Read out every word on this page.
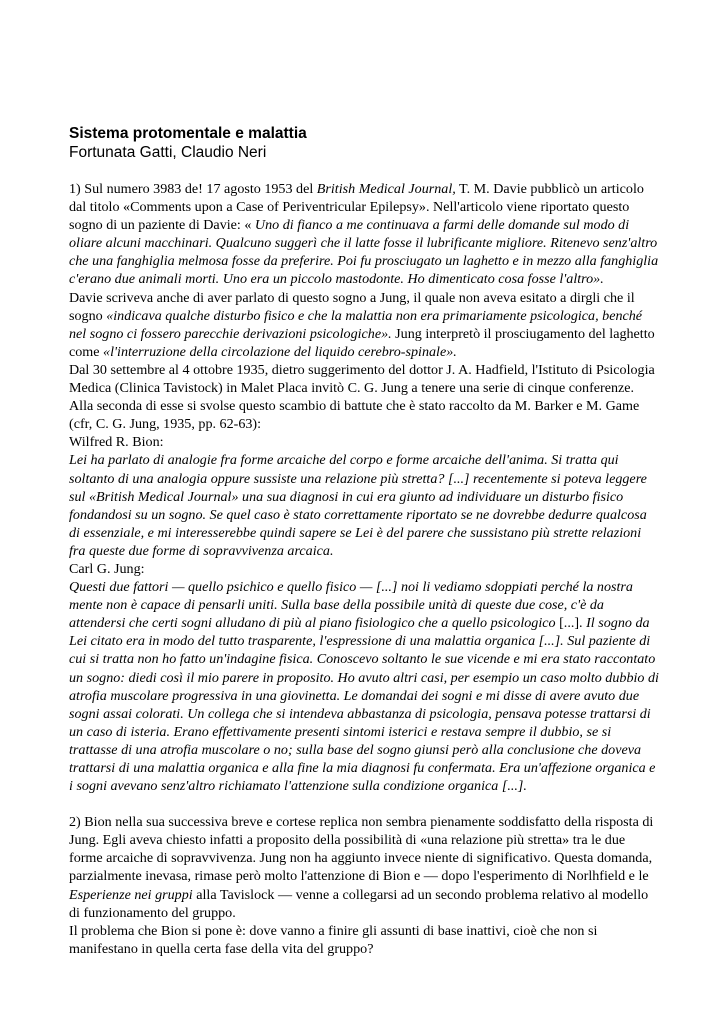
Sistema protomentale e malattia
Fortunata Gatti, Claudio Neri

1) Sul numero 3983 de! 17 agosto 1953 del British Medical Journal, T. M. Davie pubblicò un articolo dal titolo «Comments upon a Case of Periventricular Epilepsy». Nell'articolo viene riportato questo sogno di un paziente di Davie: « Uno di fianco a me continuava a farmi delle domande sul modo di oliare alcuni macchinari. Qualcuno suggerì che il latte fosse il lubrificante migliore. Ritenevo senz'altro che una fanghiglia melmosa fosse da preferire. Poi fu prosciugato un laghetto e in mezzo alla fanghiglia c'erano due animali morti. Uno era un piccolo mastodonte. Ho dimenticato cosa fosse l'altro».

Davie scriveva anche di aver parlato di questo sogno a Jung, il quale non aveva esitato a dirgli che il sogno «indicava qualche disturbo fisico e che la malattia non era primariamente psicologica, benché nel sogno ci fossero parecchie derivazioni psicologiche». Jung interpretò il prosciugamento del laghetto come «l'interruzione della circolazione del liquido cerebro-spinale».

Dal 30 settembre al 4 ottobre 1935, dietro suggerimento del dottor J. A. Hadfield, l'Istituto di Psicologia Medica (Clinica Tavistock) in Malet Placa invitò C. G. Jung a tenere una serie di cinque conferenze. Alla seconda di esse si svolse questo scambio di battute che è stato raccolto da M. Barker e M. Game (cfr, C. G. Jung, 1935, pp. 62-63):

Wilfred R. Bion:

Lei ha parlato di analogie fra forme arcaiche del corpo e forme arcaiche dell'anima. Si tratta qui soltanto di una analogia oppure sussiste una relazione più stretta? [...] recentemente si poteva leggere sul «British Medical Journal» una sua diagnosi in cui era giunto ad individuare un disturbo fisico fondandosi su un sogno. Se quel caso è stato correttamente riportato se ne dovrebbe dedurre qualcosa di essenziale, e mi interesserebbe quindi sapere se Lei è del parere che sussistano più strette relazioni fra queste due forme di sopravvivenza arcaica.

Carl G. Jung:

Questi due fattori — quello psichico e quello fisico — [...] noi li vediamo sdoppiati perché la nostra mente non è capace di pensarli uniti. Sulla base della possibile unità di queste due cose, c'è da attendersi che certi sogni alludano di più al piano fisiologico che a quello psicologico [...]. Il sogno da Lei citato era in modo del tutto trasparente, l'espressione di una malattia organica [...]. Sul paziente di cui si tratta non ho fatto un'indagine fisica. Conoscevo soltanto le sue vicende e mi era stato raccontato un sogno: diedi così il mio parere in proposito. Ho avuto altri casi, per esempio un caso molto dubbio di atrofia muscolare progressiva in una giovinetta. Le domandai dei sogni e mi disse di avere avuto due sogni assai colorati. Un collega che si intendeva abbastanza di psicologia, pensava potesse trattarsi di un caso di isteria. Erano effettivamente presenti sintomi isterici e restava sempre il dubbio, se si trattasse di una atrofia muscolare o no; sulla base del sogno giunsi però alla conclusione che doveva trattarsi di una malattia organica e alla fine la mia diagnosi fu confermata. Era un'affezione organica e i sogni avevano senz'altro richiamato l'attenzione sulla condizione organica [...].

2) Bion nella sua successiva breve e cortese replica non sembra pienamente soddisfatto della risposta di Jung. Egli aveva chiesto infatti a proposito della possibilità di «una relazione più stretta» tra le due forme arcaiche di sopravvivenza. Jung non ha aggiunto invece niente di significativo. Questa domanda, parzialmente inevasa, rimase però molto l'attenzione di Bion e — dopo l'esperimento di Norlhfield e le Esperienze nei gruppi alla Tavislock — venne a collegarsi ad un secondo problema relativo al modello di funzionamento del gruppo.

Il problema che Bion si pone è: dove vanno a finire gli assunti di base inattivi, cioè che non si manifestano in quella certa fase della vita del gruppo?
